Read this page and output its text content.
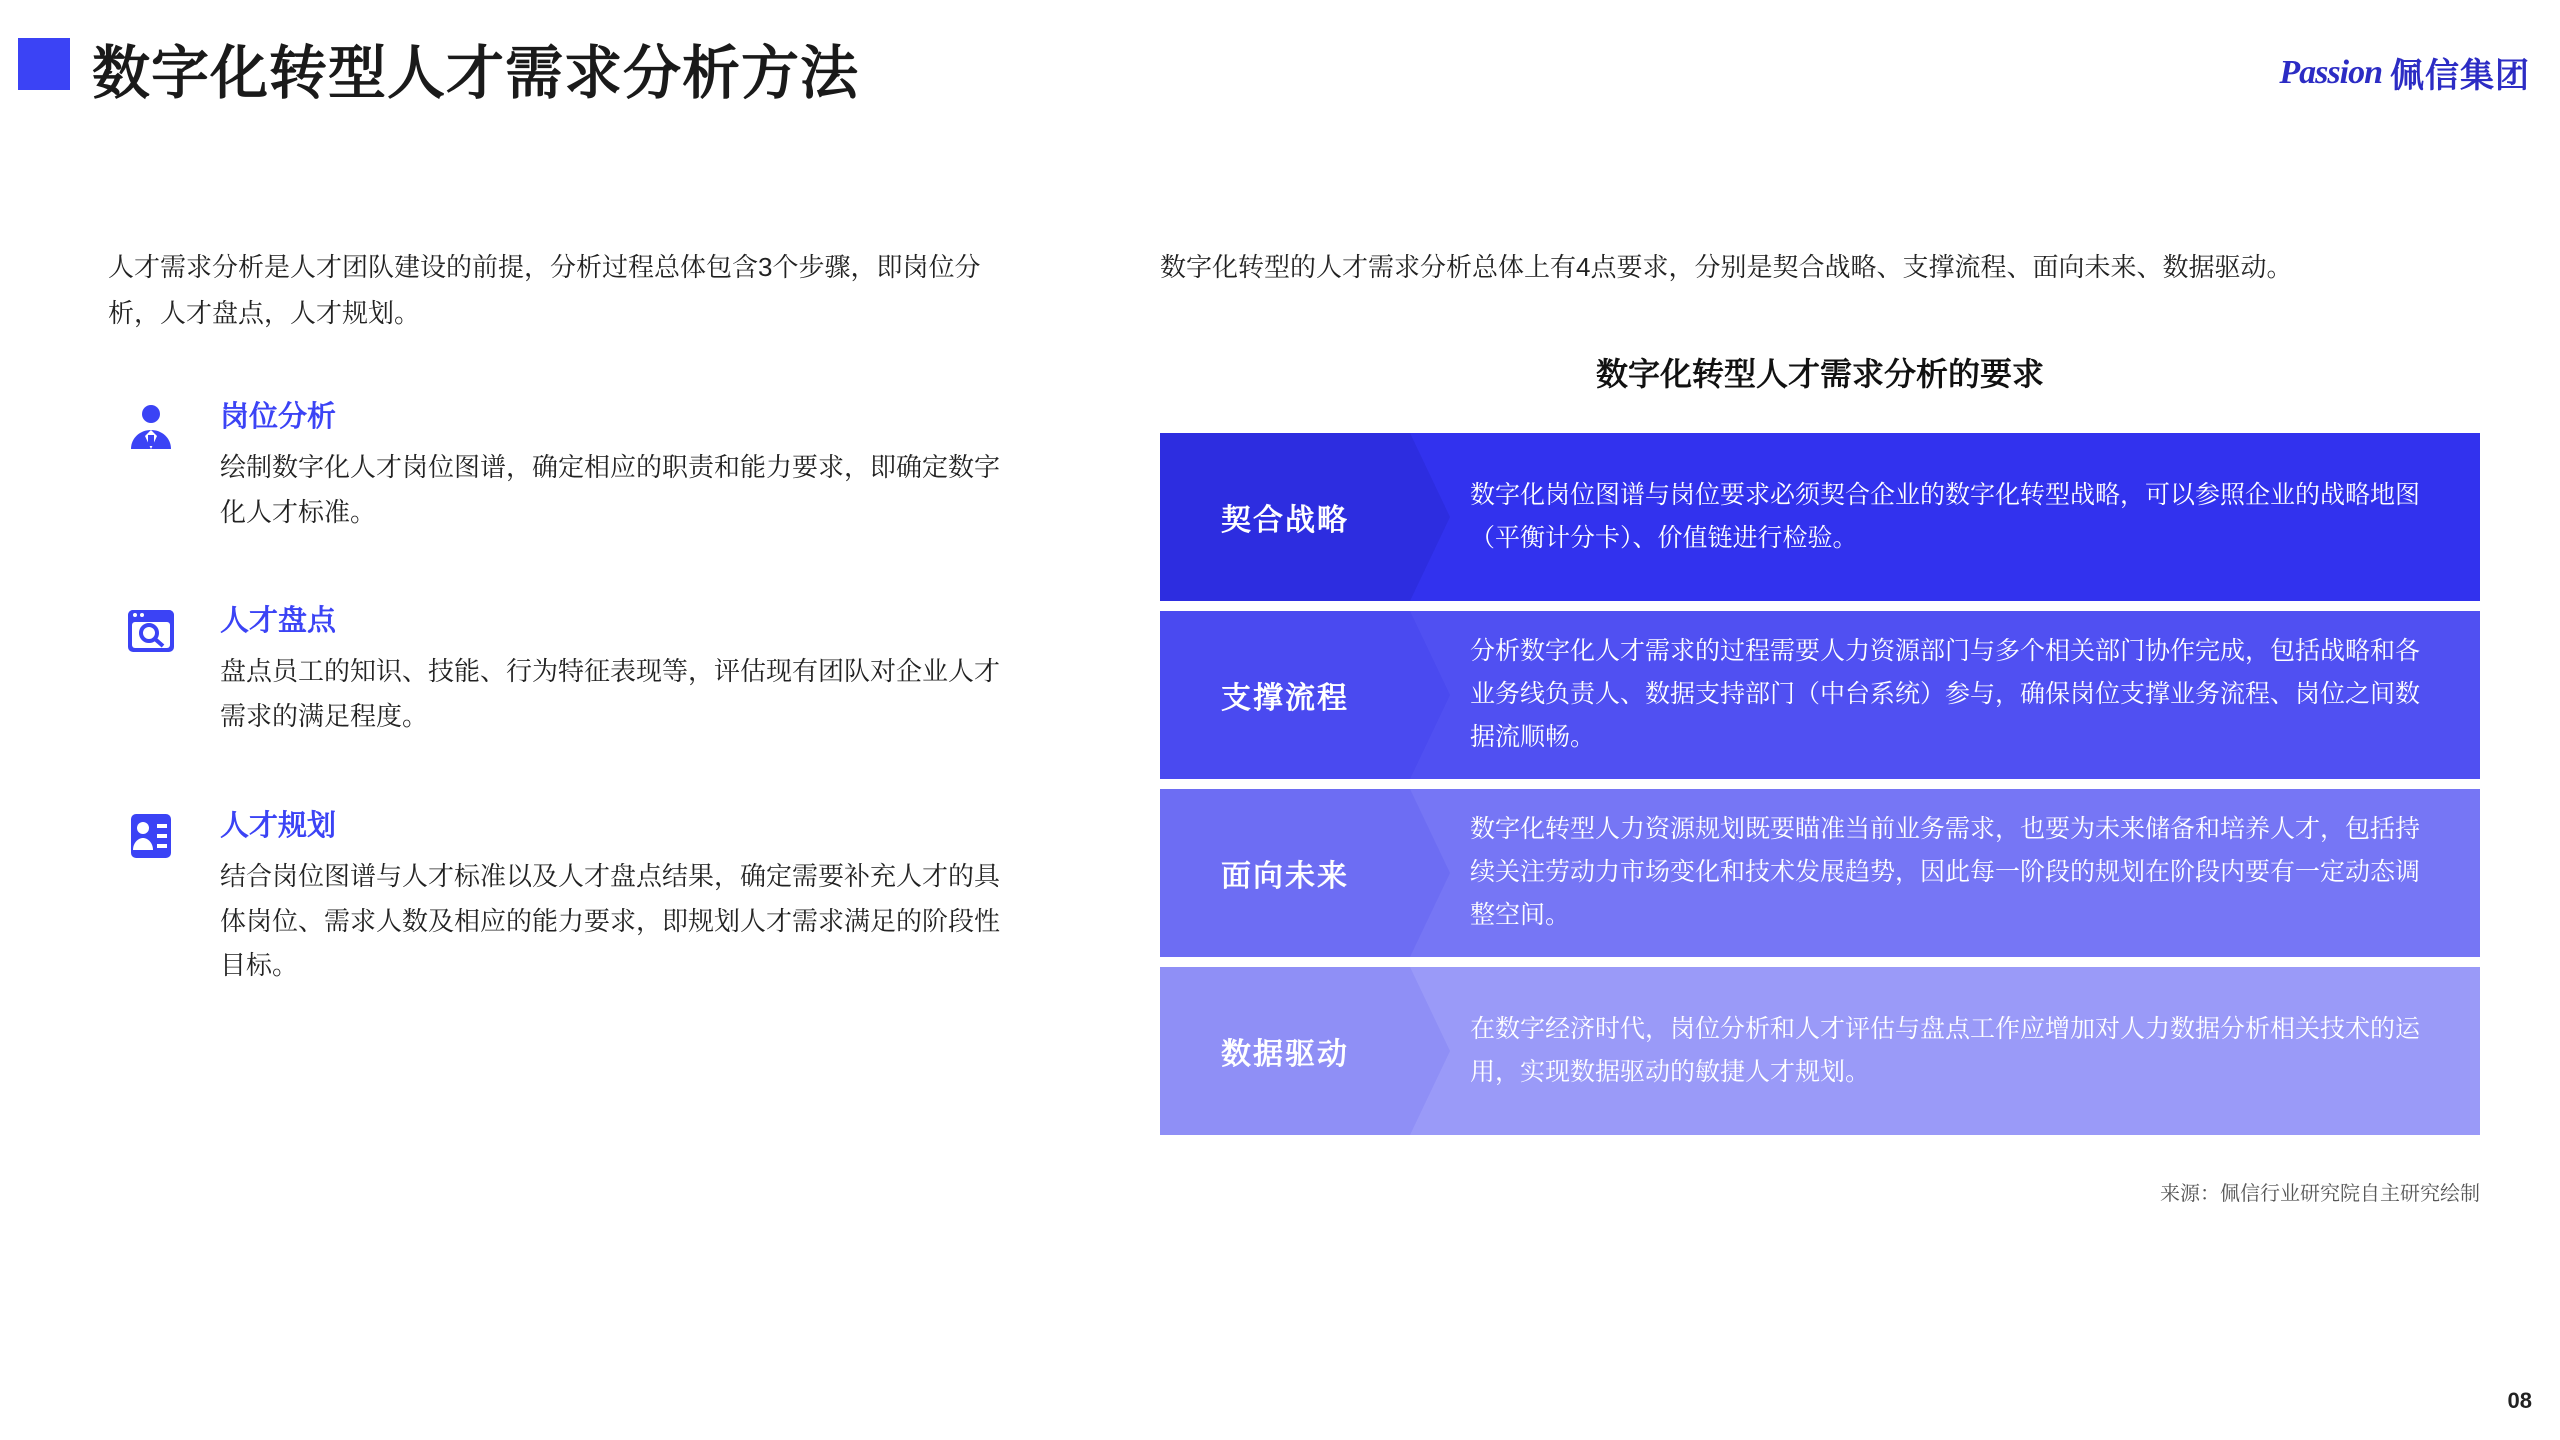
数字化转型人才需求分析方法	Passion 佩信集团
人才需求分析是人才团队建设的前提，分析过程总体包含3个步骤，即岗位分析，人才盘点，人才规划。
岗位分析
绘制数字化人才岗位图谱，确定相应的职责和能力要求，即确定数字化人才标准。
人才盘点
盘点员工的知识、技能、行为特征表现等，评估现有团队对企业人才需求的满足程度。
人才规划
结合岗位图谱与人才标准以及人才盘点结果，确定需要补充人才的具体岗位、需求人数及相应的能力要求，即规划人才需求满足的阶段性目标。
数字化转型的人才需求分析总体上有4点要求，分别是契合战略、支撑流程、面向未来、数据驱动。
数字化转型人才需求分析的要求
契合战略
数字化岗位图谱与岗位要求必须契合企业的数字化转型战略，可以参照企业的战略地图（平衡计分卡）、价值链进行检验。
支撑流程
分析数字化人才需求的过程需要人力资源部门与多个相关部门协作完成，包括战略和各业务线负责人、数据支持部门（中台系统）参与，确保岗位支撑业务流程、岗位之间数据流顺畅。
面向未来
数字化转型人力资源规划既要瞄准当前业务需求，也要为未来储备和培养人才，包括持续关注劳动力市场变化和技术发展趋势，因此每一阶段的规划在阶段内要有一定动态调整空间。
数据驱动
在数字经济时代，岗位分析和人才评估与盘点工作应增加对人力数据分析相关技术的运用，实现数据驱动的敏捷人才规划。
来源：佩信行业研究院自主研究绘制
08
